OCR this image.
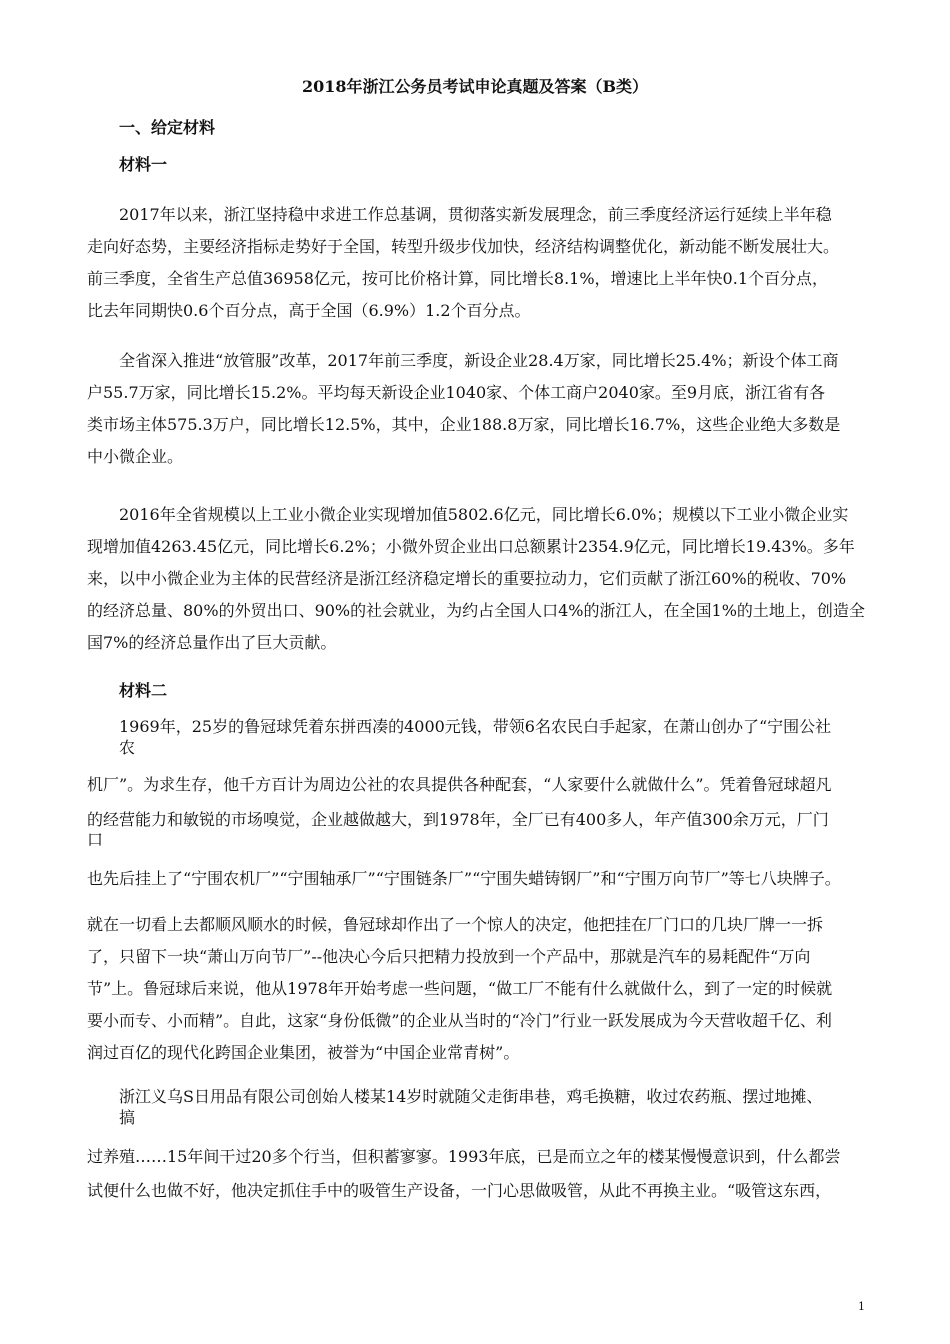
2018年浙江公务员考试申论真题及答案（B类）
一、给定材料
材料一
2017年以来，浙江坚持稳中求进工作总基调，贯彻落实新发展理念，前三季度经济运行延续上半年稳
走向好态势，主要经济指标走势好于全国，转型升级步伐加快，经济结构调整优化，新动能不断发展壮大。
前三季度，全省生产总值36958亿元，按可比价格计算，同比增长8.1%，增速比上半年快0.1个百分点，
比去年同期快0.6个百分点，高于全国（6.9%）1.2个百分点。
全省深入推进“放管服”改革，2017年前三季度，新设企业28.4万家，同比增长25.4%；新设个体工商
户55.7万家，同比增长15.2%。平均每天新设企业1040家、个体工商户2040家。至9月底，浙江省有各
类市场主体575.3万户，同比增长12.5%，其中，企业188.8万家，同比增长16.7%，这些企业绝大多数是
中小微企业。
2016年全省规模以上工业小微企业实现增加值5802.6亿元，同比增长6.0%；规模以下工业小微企业实
现增加值4263.45亿元，同比增长6.2%；小微外贸企业出口总额累计2354.9亿元，同比增长19.43%。多年
来，以中小微企业为主体的民营经济是浙江经济稳定增长的重要拉动力，它们贡献了浙江60%的税收、70%
的经济总量、80%的外贸出口、90%的社会就业，为约占全国人口4%的浙江人，在全国1%的土地上，创造全
国7%的经济总量作出了巨大贡献。
材料二
1969年，25岁的鲁冠球凭着东拼西凑的4000元钱，带领6名农民白手起家，在萧山创办了“宁围公社
农
机厂”。为求生存，他千方百计为周边公社的农具提供各种配套，“人家要什么就做什么”。凭着鲁冠球超凡
的经营能力和敏锐的市场嗅觉，企业越做越大，到1978年，全厂已有400多人，年产值300余万元，厂门
口
也先后挂上了“宁围农机厂”“宁围轴承厂”“宁围链条厂”“宁围失蜡铸钢厂”和“宁围万向节厂”等七八块牌子。
就在一切看上去都顺风顺水的时候，鲁冠球却作出了一个惊人的决定，他把挂在厂门口的几块厂牌一一拆
了，只留下一块“萧山万向节厂”--他决心今后只把精力投放到一个产品中，那就是汽车的易耗配件“万向
节”上。鲁冠球后来说，他从1978年开始考虑一些问题，“做工厂不能有什么就做什么，到了一定的时候就
要小而专、小而精”。自此，这家“身份低微”的企业从当时的“冷门”行业一跃发展成为今天营收超千亿、利
润过百亿的现代化跨国企业集团，被誉为“中国企业常青树”。
浙江义乌S日用品有限公司创始人楼某14岁时就随父走街串巷，鸡毛换糖，收过农药瓶、摆过地摊、
搞
过养殖……15年间干过20多个行当，但积蓄寥寥。1993年底，已是而立之年的楼某慢慢意识到，什么都尝
试便什么也做不好，他决定抓住手中的吸管生产设备，一门心思做吸管，从此不再换主业。“吸管这东西，
1
